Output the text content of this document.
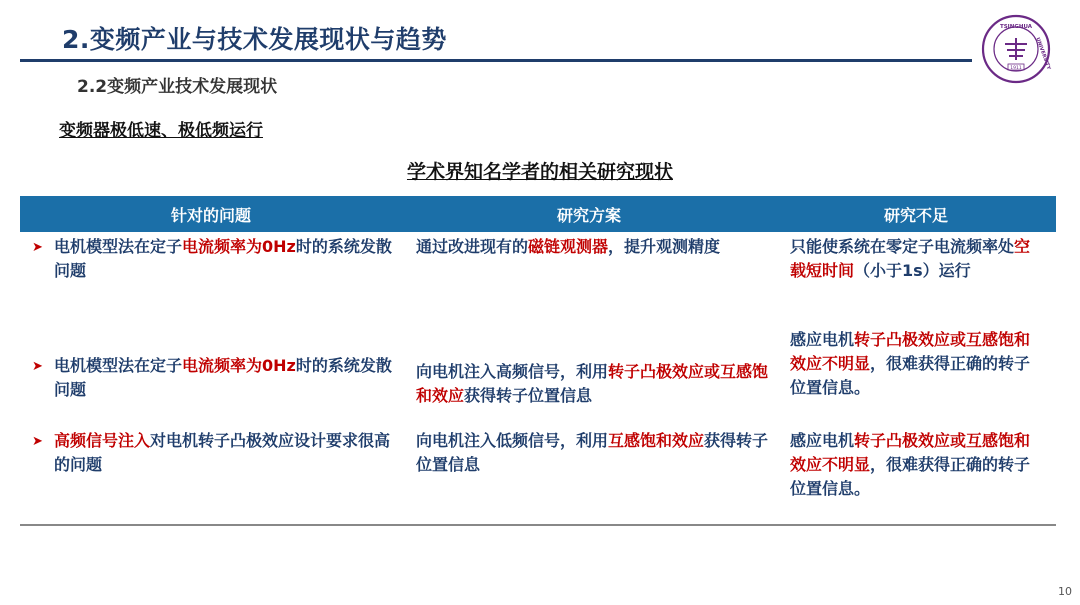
2.变频产业与技术发展现状与趋势	TSINGHUA
UNIVERSITY
1911
2.2变频产业技术发展现状
变频器极低速、极低频运行
学术界知名学者的相关研究现状
针对的问题	研究方案	研究不足

➤ 电机模型法在定子电流频率为0Hz时的系统发散问题	通过改进现有的磁链观测器，提升观测精度	只能使系统在零定子电流频率处空载短时间（小于1s）运行

➤ 电机模型法在定子电流频率为0Hz时的系统发散问题	向电机注入高频信号，利用转子凸极效应或互感饱和效应获得转子位置信息	感应电机转子凸极效应或互感饱和效应不明显，很难获得正确的转子位置信息。

➤ 高频信号注入对电机转子凸极效应设计要求很高的问题	向电机注入低频信号，利用互感饱和效应获得转子位置信息	感应电机转子凸极效应或互感饱和效应不明显，很难获得正确的转子位置信息。
10
